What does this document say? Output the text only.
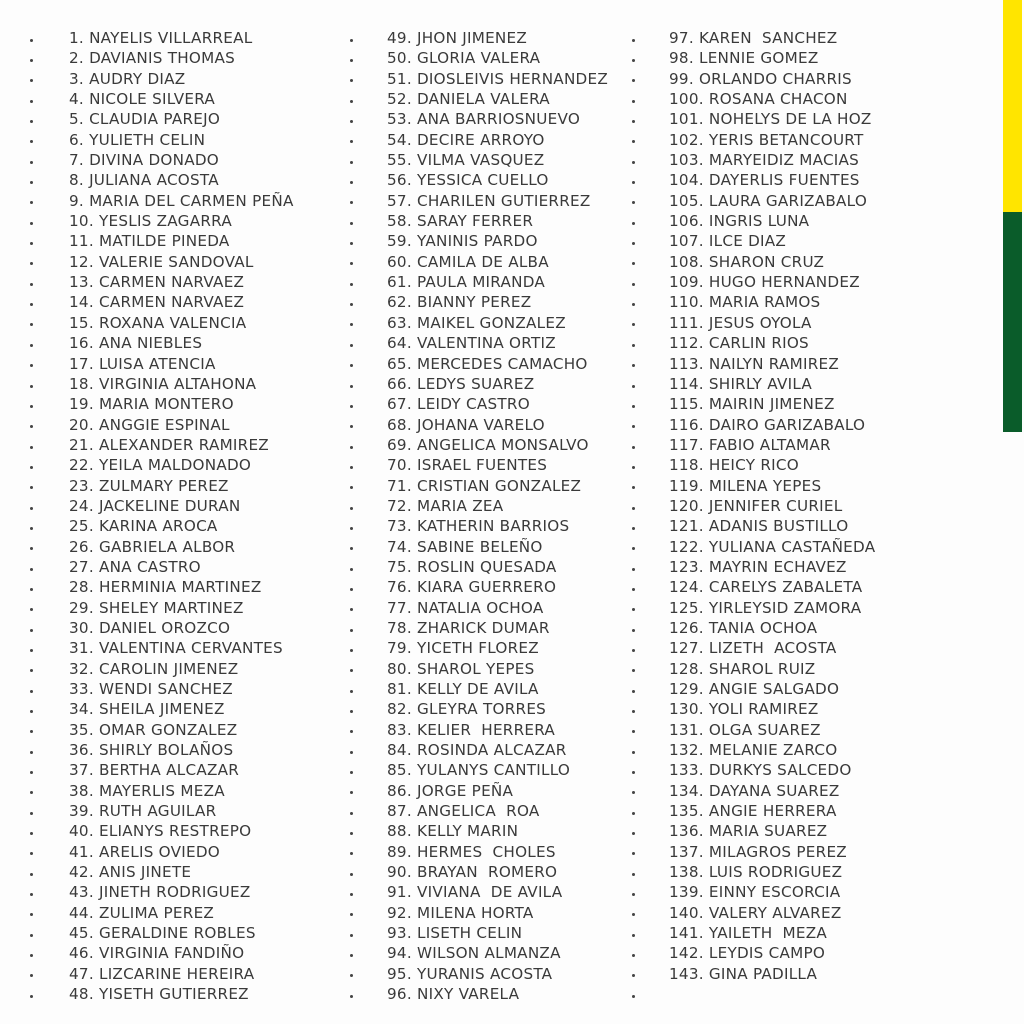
1. NAYELIS VILLARREAL
2. DAVIANIS THOMAS
3. AUDRY DIAZ
4. NICOLE SILVERA
5. CLAUDIA PAREJO
6. YULIETH CELIN
7. DIVINA DONADO
8. JULIANA ACOSTA
9. MARIA DEL CARMEN PEÑA
10. YESLIS ZAGARRA
11. MATILDE PINEDA
12. VALERIE SANDOVAL
13. CARMEN NARVAEZ
14. CARMEN NARVAEZ
15. ROXANA VALENCIA
16. ANA NIEBLES
17. LUISA ATENCIA
18. VIRGINIA ALTAHONA
19. MARIA MONTERO
20. ANGGIE ESPINAL
21. ALEXANDER RAMIREZ
22. YEILA MALDONADO
23. ZULMARY PEREZ
24. JACKELINE DURAN
25. KARINA AROCA
26. GABRIELA ALBOR
27. ANA CASTRO
28. HERMINIA MARTINEZ
29. SHELEY MARTINEZ
30. DANIEL OROZCO
31. VALENTINA CERVANTES
32. CAROLIN JIMENEZ
33. WENDI SANCHEZ
34. SHEILA JIMENEZ
35. OMAR GONZALEZ
36. SHIRLY BOLAÑOS
37. BERTHA ALCAZAR
38. MAYERLIS MEZA
39. RUTH AGUILAR
40. ELIANYS RESTREPO
41. ARELIS OVIEDO
42. ANIS JINETE
43. JINETH RODRIGUEZ
44. ZULIMA PEREZ
45. GERALDINE ROBLES
46. VIRGINIA FANDIÑO
47. LIZCARINE HEREIRA
48. YISETH GUTIERREZ
49. JHON JIMENEZ
50. GLORIA VALERA
51. DIOSLEIVIS HERNANDEZ
52. DANIELA VALERA
53. ANA BARRIOSNUEVO
54. DECIRE ARROYO
55. VILMA VASQUEZ
56. YESSICA CUELLO
57. CHARILEN GUTIERREZ
58. SARAY FERRER
59. YANINIS PARDO
60. CAMILA DE ALBA
61. PAULA MIRANDA
62. BIANNY PEREZ
63. MAIKEL GONZALEZ
64. VALENTINA ORTIZ
65. MERCEDES CAMACHO
66. LEDYS SUAREZ
67. LEIDY CASTRO
68. JOHANA VARELO
69. ANGELICA MONSALVO
70. ISRAEL FUENTES
71. CRISTIAN GONZALEZ
72. MARIA ZEA
73. KATHERIN BARRIOS
74. SABINE BELEÑO
75. ROSLIN QUESADA
76. KIARA GUERRERO
77. NATALIA OCHOA
78. ZHARICK DUMAR
79. YICETH FLOREZ
80. SHAROL YEPES
81. KELLY DE AVILA
82. GLEYRA TORRES
83. KELIER  HERRERA
84. ROSINDA ALCAZAR
85. YULANYS CANTILLO
86. JORGE PEÑA
87. ANGELICA  ROA
88. KELLY MARIN
89. HERMES  CHOLES
90. BRAYAN  ROMERO
91. VIVIANA  DE AVILA
92. MILENA HORTA
93. LISETH CELIN
94. WILSON ALMANZA
95. YURANIS ACOSTA
96. NIXY VARELA
97. KAREN  SANCHEZ
98. LENNIE GOMEZ
99. ORLANDO CHARRIS
100. ROSANA CHACON
101. NOHELYS DE LA HOZ
102. YERIS BETANCOURT
103. MARYEIDIZ MACIAS
104. DAYERLIS FUENTES
105. LAURA GARIZABALO
106. INGRIS LUNA
107. ILCE DIAZ
108. SHARON CRUZ
109. HUGO HERNANDEZ
110. MARIA RAMOS
111. JESUS OYOLA
112. CARLIN RIOS
113. NAILYN RAMIREZ
114. SHIRLY AVILA
115. MAIRIN JIMENEZ
116. DAIRO GARIZABALO
117. FABIO ALTAMAR
118. HEICY RICO
119. MILENA YEPES
120. JENNIFER CURIEL
121. ADANIS BUSTILLO
122. YULIANA CASTAÑEDA
123. MAYRIN ECHAVEZ
124. CARELYS ZABALETA
125. YIRLEYSID ZAMORA
126. TANIA OCHOA
127. LIZETH  ACOSTA
128. SHAROL RUIZ
129. ANGIE SALGADO
130. YOLI RAMIREZ
131. OLGA SUAREZ
132. MELANIE ZARCO
133. DURKYS SALCEDO
134. DAYANA SUAREZ
135. ANGIE HERRERA
136. MARIA SUAREZ
137. MILAGROS PEREZ
138. LUIS RODRIGUEZ
139. EINNY ESCORCIA
140. VALERY ALVAREZ
141. YAILETH  MEZA
142. LEYDIS CAMPO
143. GINA PADILLA
